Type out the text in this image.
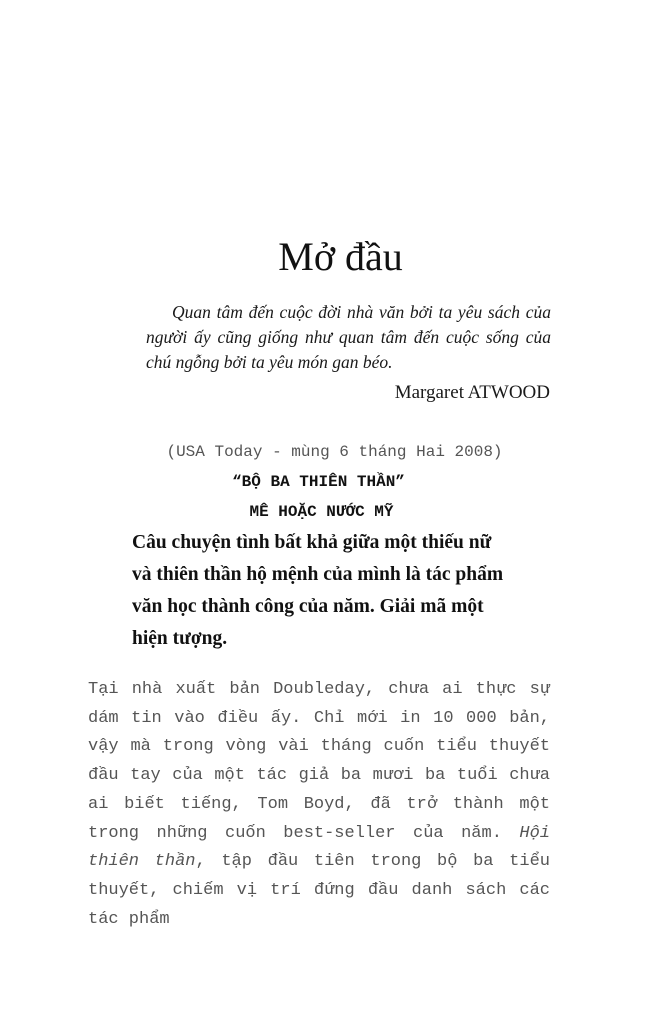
Mở đầu
Quan tâm đến cuộc đời nhà văn bởi ta yêu sách của người ấy cũng giống như quan tâm đến cuộc sống của chú ngỗng bởi ta yêu món gan béo.
Margaret ATWOOD
(USA Today - mùng 6 tháng Hai 2008)
“BỘ BA THIÊN THẦN”
MÊ HOẶC NƯỚC MỸ
Câu chuyện tình bất khả giữa một thiếu nữ và thiên thần hộ mệnh của mình là tác phẩm văn học thành công của năm. Giải mã một hiện tượng.
Tại nhà xuất bản Doubleday, chưa ai thực sự dám tin vào điều ấy. Chỉ mới in 10 000 bản, vậy mà trong vòng vài tháng cuốn tiểu thuyết đầu tay của một tác giả ba mươi ba tuổi chưa ai biết tiếng, Tom Boyd, đã trở thành một trong những cuốn best-seller của năm. Hội thiên thần, tập đầu tiên trong bộ ba tiểu thuyết, chiếm vị trí đứng đầu danh sách các tác phẩm
